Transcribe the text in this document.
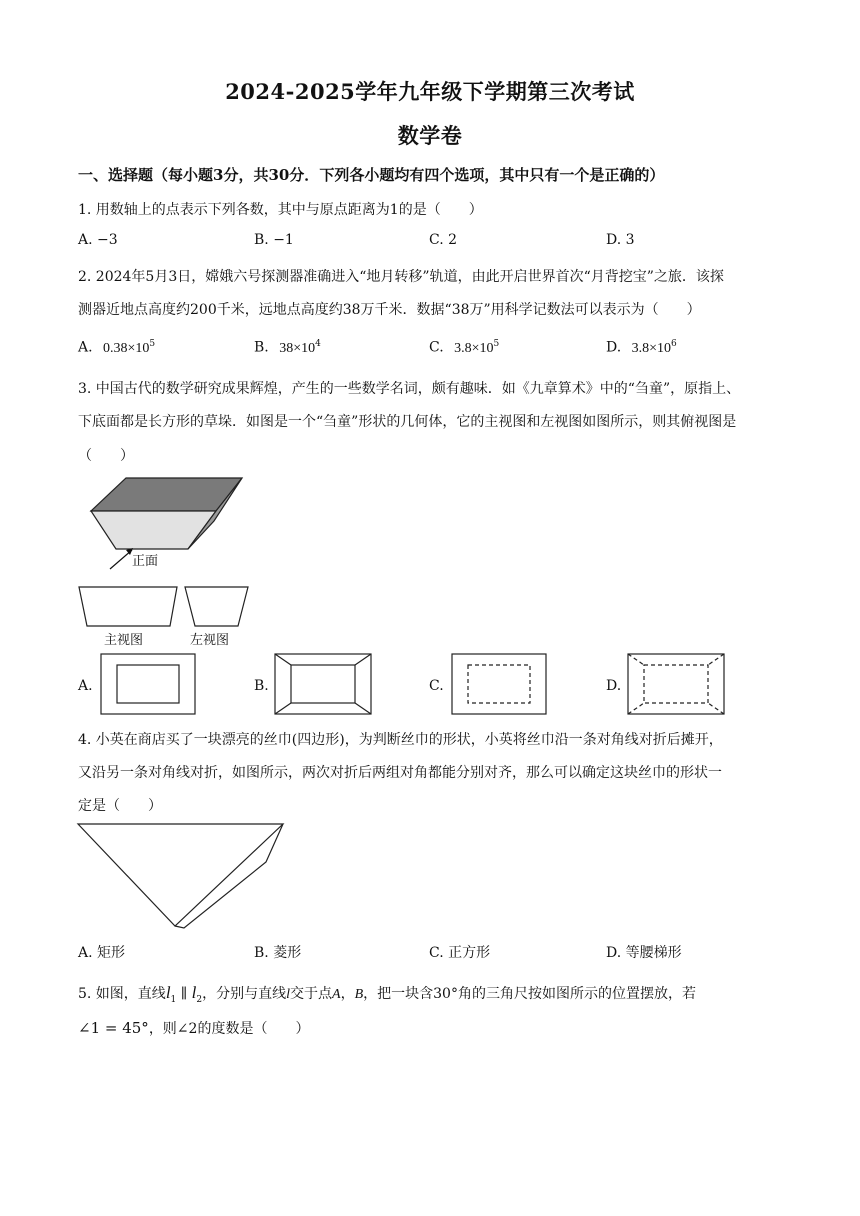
2024-2025学年九年级下学期第三次考试
数学卷
一、选择题（每小题3分，共30分．下列各小题均有四个选项，其中只有一个是正确的）
1. 用数轴上的点表示下列各数，其中与原点距离为1的是（　　）
A. −3	B. −1	C. 2	D. 3
2. 2024年5月3日，嫦娥六号探测器准确进入“地月转移”轨道，由此开启世界首次“月背挖宝”之旅．该探
测器近地点高度约200千米，远地点高度约38万千米．数据“38万”用科学记数法可以表示为（　　）
A. $0.38\times 10^5$	B. $38\times 10^4$	C. $3.8\times 10^5$	D. $3.8\times 10^6$
3. 中国古代的数学研究成果辉煌，产生的一些数学名词，颇有趣味．如《九章算术》中的“刍童”，原指上、
下底面都是长方形的草垛．如图是一个“刍童”形状的几何体，它的主视图和左视图如图所示，则其俯视图是
（　　）
正面
主视图	左视图
A.	B.	C.	D.
4. 小英在商店买了一块漂亮的丝巾(四边形)，为判断丝巾的形状，小英将丝巾沿一条对角线对折后摊开，
又沿另一条对角线对折，如图所示，两次对折后两组对角都能分别对齐，那么可以确定这块丝巾的形状一
定是（　　）
A. 矩形	B. 菱形	C. 正方形	D. 等腰梯形
5. 如图，直线$l_1$ ∥ $l_2$，分别与直线l交于点A，B，把一块含30°角的三角尺按如图所示的位置摆放，若
∠1 = 45°，则∠2的度数是（　　）
